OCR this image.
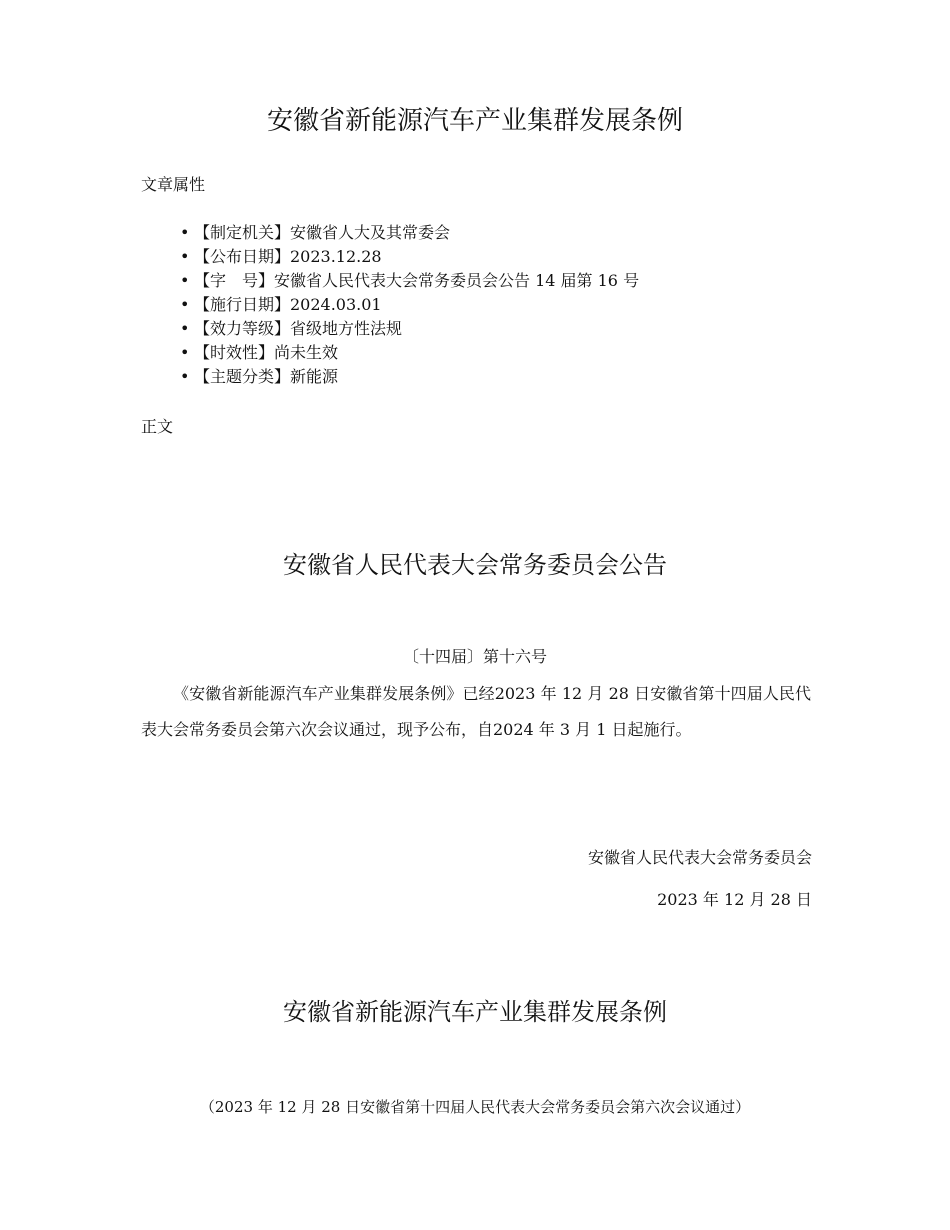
安徽省新能源汽车产业集群发展条例

文章属性

• 【制定机关】安徽省人大及其常委会
• 【公布日期】2023.12.28
• 【字　号】安徽省人民代表大会常务委员会公告 14 届第 16 号
• 【施行日期】2024.03.01
• 【效力等级】省级地方性法规
• 【时效性】尚未生效
• 【主题分类】新能源

正文

安徽省人民代表大会常务委员会公告

〔十四届〕第十六号

《安徽省新能源汽车产业集群发展条例》已经2023 年 12 月 28 日安徽省第十四届人民代表大会常务委员会第六次会议通过，现予公布，自2024 年 3 月 1 日起施行。

安徽省人民代表大会常务委员会

2023 年 12 月 28 日

安徽省新能源汽车产业集群发展条例

（2023 年 12 月 28 日安徽省第十四届人民代表大会常务委员会第六次会议通过）
